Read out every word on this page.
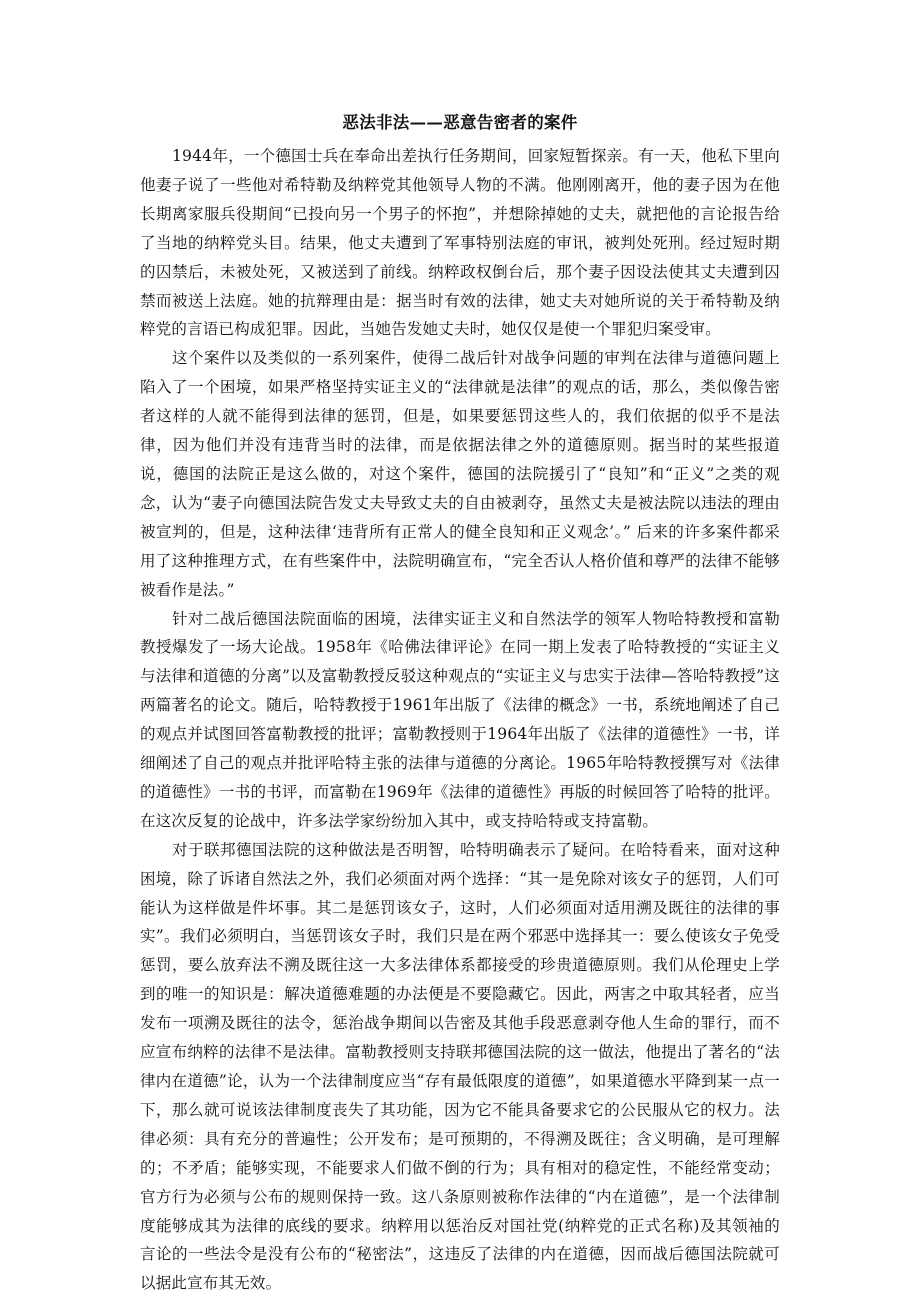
恶法非法——恶意告密者的案件

1944年，一个德国士兵在奉命出差执行任务期间，回家短暂探亲。有一天，他私下里向他妻子说了一些他对希特勒及纳粹党其他领导人物的不满。他刚刚离开，他的妻子因为在他长期离家服兵役期间“已投向另一个男子的怀抱”，并想除掉她的丈夫，就把他的言论报告给了当地的纳粹党头目。结果，他丈夫遭到了军事特别法庭的审讯，被判处死刑。经过短时期的囚禁后，未被处死，又被送到了前线。纳粹政权倒台后，那个妻子因设法使其丈夫遭到囚禁而被送上法庭。她的抗辩理由是：据当时有效的法律，她丈夫对她所说的关于希特勒及纳粹党的言语已构成犯罪。因此，当她告发她丈夫时，她仅仅是使一个罪犯归案受审。

这个案件以及类似的一系列案件，使得二战后针对战争问题的审判在法律与道德问题上陷入了一个困境，如果严格坚持实证主义的“法律就是法律”的观点的话，那么，类似像告密者这样的人就不能得到法律的惩罚，但是，如果要惩罚这些人的，我们依据的似乎不是法律，因为他们并没有违背当时的法律，而是依据法律之外的道德原则。据当时的某些报道说，德国的法院正是这么做的，对这个案件，德国的法院援引了“良知”和“正义”之类的观念，认为“妻子向德国法院告发丈夫导致丈夫的自由被剥夺，虽然丈夫是被法院以违法的理由被宣判的，但是，这种法律‘违背所有正常人的健全良知和正义观念’。” 后来的许多案件都采用了这种推理方式，在有些案件中，法院明确宣布，“完全否认人格价值和尊严的法律不能够被看作是法。”

针对二战后德国法院面临的困境，法律实证主义和自然法学的领军人物哈特教授和富勒教授爆发了一场大论战。1958年《哈佛法律评论》在同一期上发表了哈特教授的“实证主义与法律和道德的分离”以及富勒教授反驳这种观点的“实证主义与忠实于法律—答哈特教授”这两篇著名的论文。随后，哈特教授于1961年出版了《法律的概念》一书，系统地阐述了自己的观点并试图回答富勒教授的批评；富勒教授则于1964年出版了《法律的道德性》一书，详细阐述了自己的观点并批评哈特主张的法律与道德的分离论。1965年哈特教授撰写对《法律的道德性》一书的书评，而富勒在1969年《法律的道德性》再版的时候回答了哈特的批评。在这次反复的论战中，许多法学家纷纷加入其中，或支持哈特或支持富勒。

对于联邦德国法院的这种做法是否明智，哈特明确表示了疑问。在哈特看来，面对这种困境，除了诉诸自然法之外，我们必须面对两个选择：“其一是免除对该女子的惩罚，人们可能认为这样做是件坏事。其二是惩罚该女子，这时，人们必须面对适用溯及既往的法律的事实”。我们必须明白，当惩罚该女子时，我们只是在两个邪恶中选择其一：要么使该女子免受惩罚，要么放弃法不溯及既往这一大多法律体系都接受的珍贵道德原则。我们从伦理史上学到的唯一的知识是：解决道德难题的办法便是不要隐藏它。因此，两害之中取其轻者，应当发布一项溯及既往的法令，惩治战争期间以告密及其他手段恶意剥夺他人生命的罪行，而不应宣布纳粹的法律不是法律。富勒教授则支持联邦德国法院的这一做法，他提出了著名的“法律内在道德”论，认为一个法律制度应当“存有最低限度的道德”，如果道德水平降到某一点一下，那么就可说该法律制度丧失了其功能，因为它不能具备要求它的公民服从它的权力。法律必须：具有充分的普遍性；公开发布；是可预期的，不得溯及既往；含义明确，是可理解的；不矛盾；能够实现，不能要求人们做不倒的行为；具有相对的稳定性，不能经常变动；官方行为必须与公布的规则保持一致。这八条原则被称作法律的“内在道德”，是一个法律制度能够成其为法律的底线的要求。纳粹用以惩治反对国社党(纳粹党的正式名称)及其领袖的言论的一些法令是没有公布的“秘密法”，这违反了法律的内在道德，因而战后德国法院就可以据此宣布其无效。
